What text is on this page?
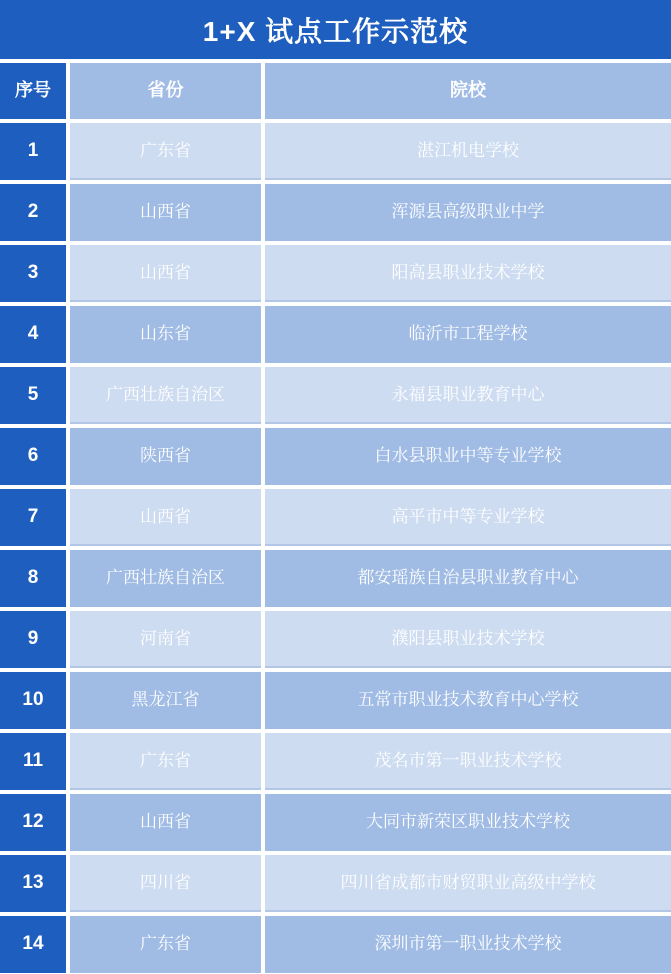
1+X 试点工作示范校
序号	省份	院校
1	广东省	湛江机电学校
2	山西省	浑源县高级职业中学
3	山西省	阳高县职业技术学校
4	山东省	临沂市工程学校
5	广西壮族自治区	永福县职业教育中心
6	陕西省	白水县职业中等专业学校
7	山西省	高平市中等专业学校
8	广西壮族自治区	都安瑶族自治县职业教育中心
9	河南省	濮阳县职业技术学校
10	黑龙江省	五常市职业技术教育中心学校
11	广东省	茂名市第一职业技术学校
12	山西省	大同市新荣区职业技术学校
13	四川省	四川省成都市财贸职业高级中学校
14	广东省	深圳市第一职业技术学校
